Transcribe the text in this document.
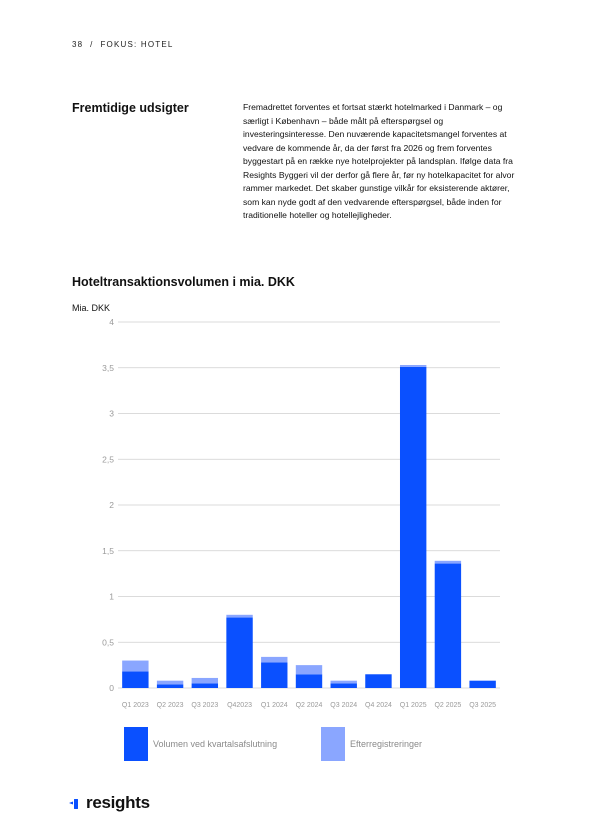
38 / FOKUS: HOTEL
Fremtidige udsigter	Fremadrettet forventes et fortsat stærkt hotelmarked i Danmark – og særligt i København – både målt på efterspørgsel og investeringsinteresse. Den nuværende kapacitetsmangel forventes at vedvare de kommende år, da der først fra 2026 og frem forventes byggestart på en række nye hotelprojekter på landsplan. Ifølge data fra Resights Byggeri vil der derfor gå flere år, før ny hotelkapacitet for alvor rammer markedet. Det skaber gunstige vilkår for eksisterende aktører, som kan nyde godt af den vedvarende efterspørgsel, både inden for traditionelle hoteller og hotellejligheder.

Hoteltransaktionsvolumen i mia. DKK
Mia. DKK
0
0,5
1
1,5
2
2,5
3
3,5
4
Q1 2023 Q2 2023 Q3 2023 Q42023 Q1 2024 Q2 2024 Q3 2024 Q4 2024 Q1 2025 Q2 2025 Q3 2025
Volumen ved kvartalsafslutning	Efterregistreringer
resights
